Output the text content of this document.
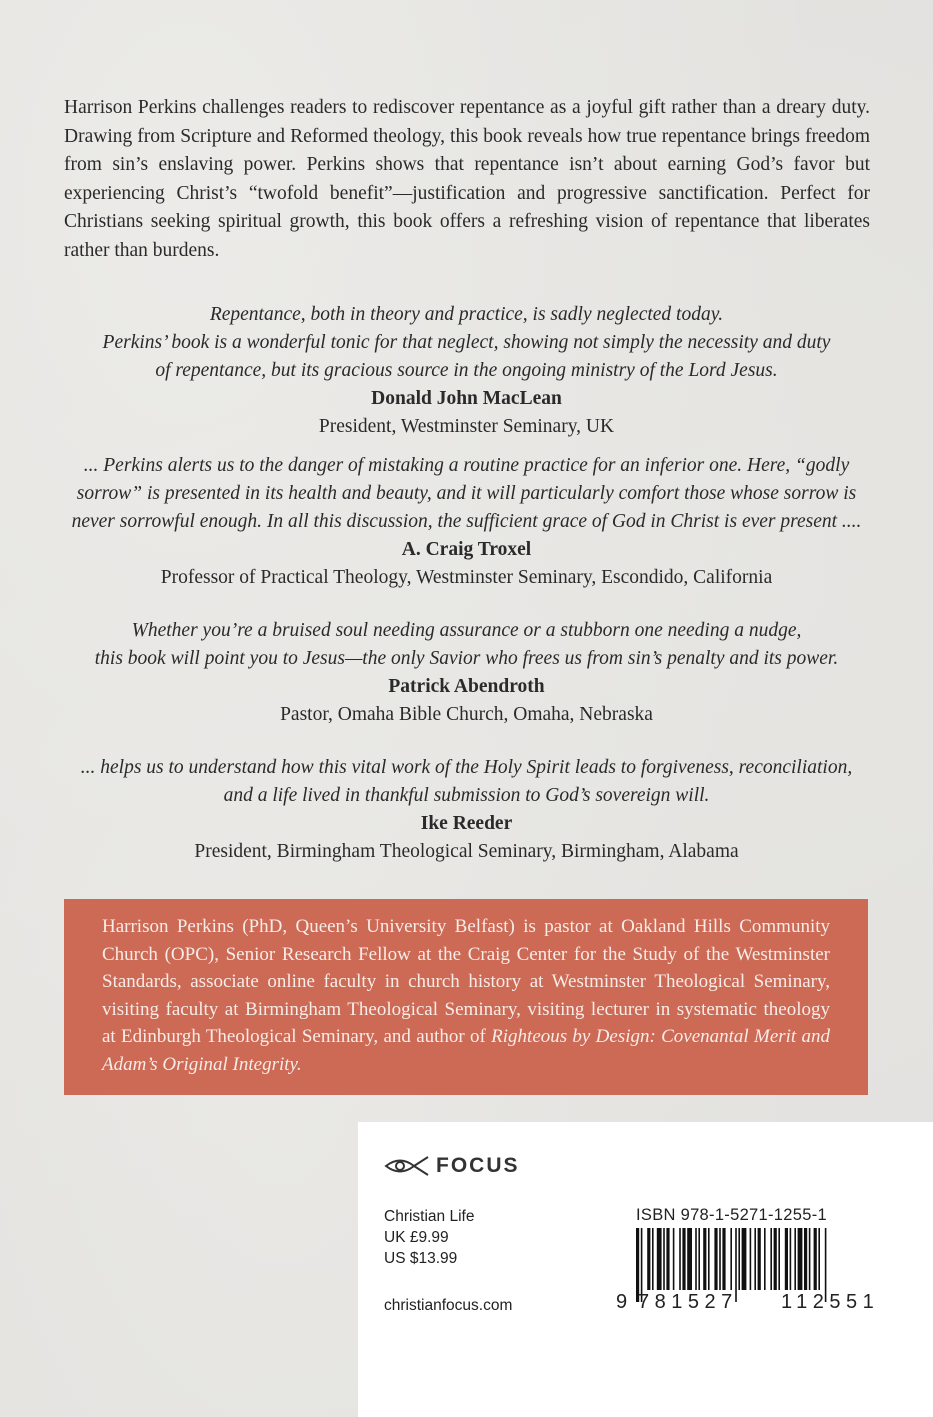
Harrison Perkins challenges readers to rediscover repentance as a joyful gift rather than a dreary duty. Drawing from Scripture and Reformed theology, this book reveals how true repentance brings freedom from sin’s enslaving power. Perkins shows that repentance isn’t about earning God’s favor but experiencing Christ’s “twofold benefit”—justification and progressive sanctification. Perfect for Christians seeking spiritual growth, this book offers a refreshing vision of repentance that liberates rather than burdens.

Repentance, both in theory and practice, is sadly neglected today.

Perkins’ book is a wonderful tonic for that neglect, showing not simply the necessity and duty

of repentance, but its gracious source in the ongoing ministry of the Lord Jesus.

Donald John MacLean

President, Westminster Seminary, UK

... Perkins alerts us to the danger of mistaking a routine practice for an inferior one. Here, “godly

sorrow” is presented in its health and beauty, and it will particularly comfort those whose sorrow is

never sorrowful enough. In all this discussion, the sufficient grace of God in Christ is ever present ....

A. Craig Troxel

Professor of Practical Theology, Westminster Seminary, Escondido, California

Whether you’re a bruised soul needing assurance or a stubborn one needing a nudge,

this book will point you to Jesus—the only Savior who frees us from sin’s penalty and its power.

Patrick Abendroth

Pastor, Omaha Bible Church, Omaha, Nebraska

... helps us to understand how this vital work of the Holy Spirit leads to forgiveness, reconciliation,

and a life lived in thankful submission to God’s sovereign will.

Ike Reeder

President, Birmingham Theological Seminary, Birmingham, Alabama

Harrison Perkins (PhD, Queen’s University Belfast) is pastor at Oakland Hills Community Church (OPC), Senior Research Fellow at the Craig Center for the Study of the Westminster Standards, associate online faculty in church history at Westminster Theological Seminary, visiting faculty at Birmingham Theological Seminary, visiting lecturer in systematic theology at Edinburgh Theological Seminary, and author of Righteous by Design: Covenantal Merit and Adam’s Original Integrity.

FOCUS
Christian Life
UK £9.99
US $13.99
christianfocus.com
ISBN 978-1-5271-1255-1
9 781527 112551
